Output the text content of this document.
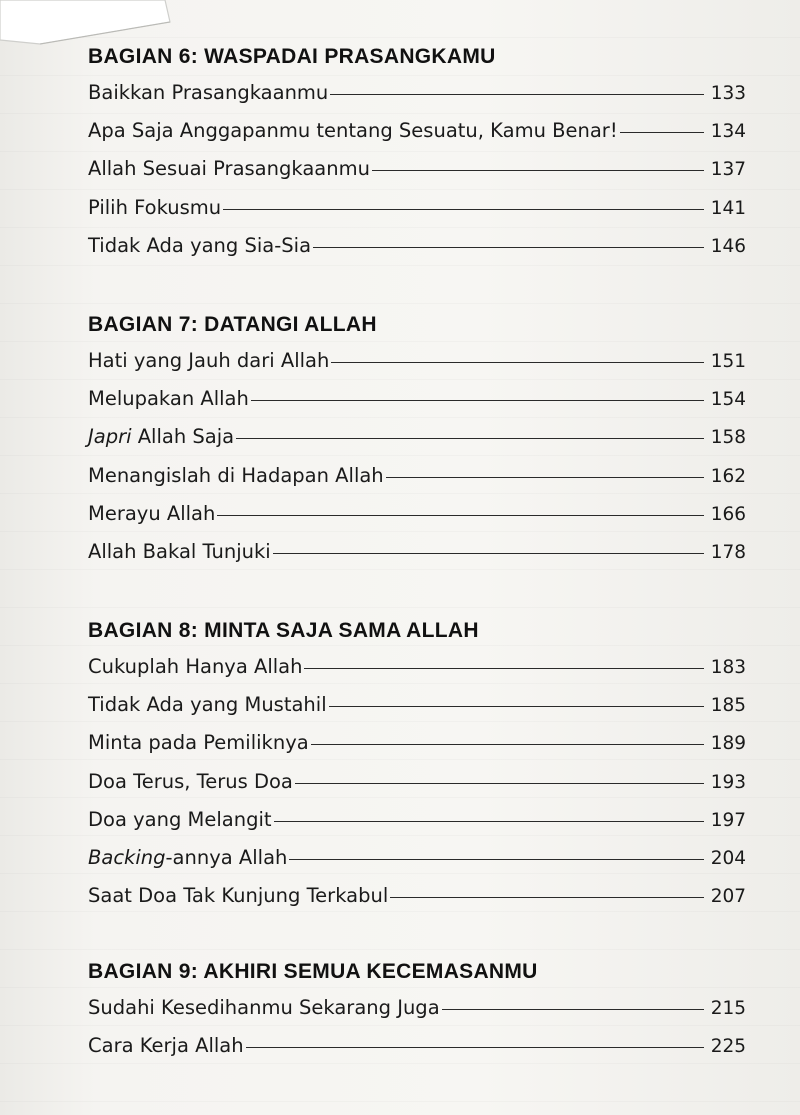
BAGIAN 6: WASPADAI PRASANGKAMU
Baikkan Prasangkaanmu	133
Apa Saja Anggapanmu tentang Sesuatu, Kamu Benar!	134
Allah Sesuai Prasangkaanmu	137
Pilih Fokusmu	141
Tidak Ada yang Sia-Sia	146
BAGIAN 7: DATANGI ALLAH
Hati yang Jauh dari Allah	151
Melupakan Allah	154
Japri Allah Saja	158
Menangislah di Hadapan Allah	162
Merayu Allah	166
Allah Bakal Tunjuki	178
BAGIAN 8: MINTA SAJA SAMA ALLAH
Cukuplah Hanya Allah	183
Tidak Ada yang Mustahil	185
Minta pada Pemiliknya	189
Doa Terus, Terus Doa	193
Doa yang Melangit	197
Backing-annya Allah	204
Saat Doa Tak Kunjung Terkabul	207
BAGIAN 9: AKHIRI SEMUA KECEMASANMU
Sudahi Kesedihanmu Sekarang Juga	215
Cara Kerja Allah	225
